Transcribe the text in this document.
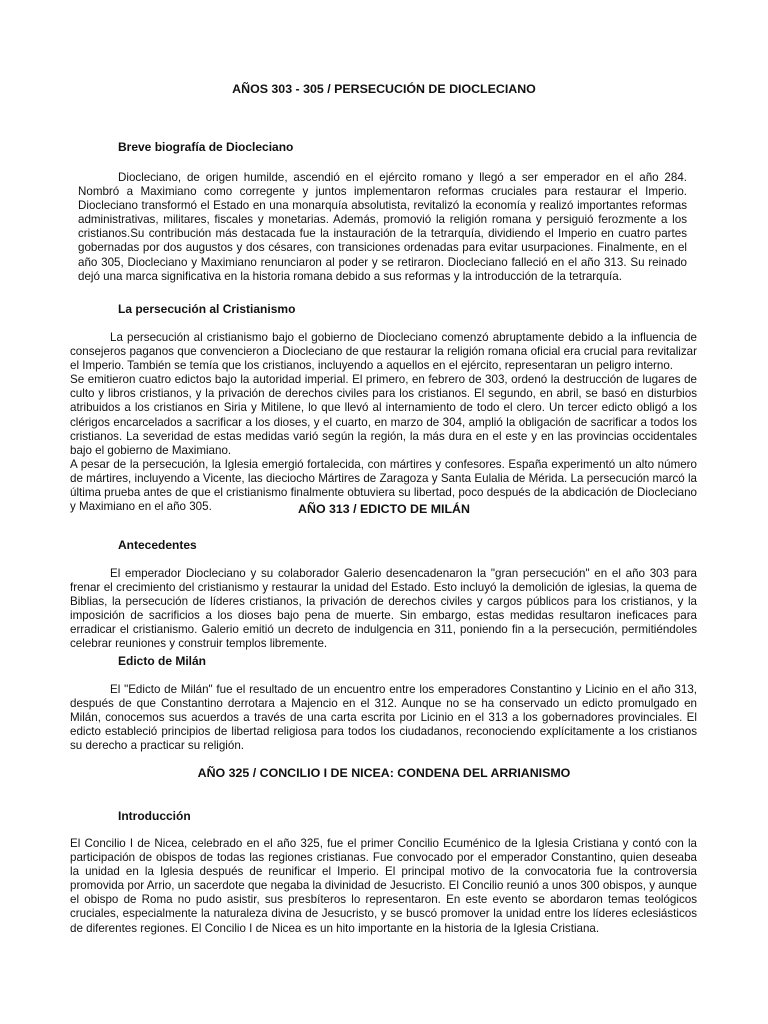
AÑOS 303 - 305 / PERSECUCIÓN DE DIOCLECIANO
Breve biografía de Diocleciano

Diocleciano, de origen humilde, ascendió en el ejército romano y llegó a ser emperador en el año 284. Nombró a Maximiano como corregente y juntos implementaron reformas cruciales para restaurar el Imperio. Diocleciano transformó el Estado en una monarquía absolutista, revitalizó la economía y realizó importantes reformas administrativas, militares, fiscales y monetarias. Además, promovió la religión romana y persiguió ferozmente a los cristianos.Su contribución más destacada fue la instauración de la tetrarquía, dividiendo el Imperio en cuatro partes gobernadas por dos augustos y dos césares, con transiciones ordenadas para evitar usurpaciones. Finalmente, en el año 305, Diocleciano y Maximiano renunciaron al poder y se retiraron. Diocleciano falleció en el año 313. Su reinado dejó una marca significativa en la historia romana debido a sus reformas y la introducción de la tetrarquía.

La persecución al Cristianismo

La persecución al cristianismo bajo el gobierno de Diocleciano comenzó abruptamente debido a la influencia de consejeros paganos que convencieron a Diocleciano de que restaurar la religión romana oficial era crucial para revitalizar el Imperio. También se temía que los cristianos, incluyendo a aquellos en el ejército, representaran un peligro interno.

Se emitieron cuatro edictos bajo la autoridad imperial. El primero, en febrero de 303, ordenó la destrucción de lugares de culto y libros cristianos, y la privación de derechos civiles para los cristianos. El segundo, en abril, se basó en disturbios atribuidos a los cristianos en Siria y Mitilene, lo que llevó al internamiento de todo el clero. Un tercer edicto obligó a los clérigos encarcelados a sacrificar a los dioses, y el cuarto, en marzo de 304, amplió la obligación de sacrificar a todos los cristianos. La severidad de estas medidas varió según la región, la más dura en el este y en las provincias occidentales bajo el gobierno de Maximiano.

A pesar de la persecución, la Iglesia emergió fortalecida, con mártires y confesores. España experimentó un alto número de mártires, incluyendo a Vicente, las dieciocho Mártires de Zaragoza y Santa Eulalia de Mérida. La persecución marcó la última prueba antes de que el cristianismo finalmente obtuviera su libertad, poco después de la abdicación de Diocleciano y Maximiano en el año 305.	AÑO 313 / EDICTO DE MILÁN
Antecedentes

El emperador Diocleciano y su colaborador Galerio desencadenaron la "gran persecución" en el año 303 para frenar el crecimiento del cristianismo y restaurar la unidad del Estado. Esto incluyó la demolición de iglesias, la quema de Biblias, la persecución de líderes cristianos, la privación de derechos civiles y cargos públicos para los cristianos, y la imposición de sacrificios a los dioses bajo pena de muerte. Sin embargo, estas medidas resultaron ineficaces para erradicar el cristianismo. Galerio emitió un decreto de indulgencia en 311, poniendo fin a la persecución, permitiéndoles celebrar reuniones y construir templos libremente.

Edicto de Milán

El "Edicto de Milán" fue el resultado de un encuentro entre los emperadores Constantino y Licinio en el año 313, después de que Constantino derrotara a Majencio en el 312. Aunque no se ha conservado un edicto promulgado en Milán, conocemos sus acuerdos a través de una carta escrita por Licinio en el 313 a los gobernadores provinciales. El edicto estableció principios de libertad religiosa para todos los ciudadanos, reconociendo explícitamente a los cristianos su derecho a practicar su religión.

AÑO 325 / CONCILIO I DE NICEA: CONDENA DEL ARRIANISMO
Introducción

El Concilio I de Nicea, celebrado en el año 325, fue el primer Concilio Ecuménico de la Iglesia Cristiana y contó con la participación de obispos de todas las regiones cristianas. Fue convocado por el emperador Constantino, quien deseaba la unidad en la Iglesia después de reunificar el Imperio. El principal motivo de la convocatoria fue la controversia promovida por Arrio, un sacerdote que negaba la divinidad de Jesucristo. El Concilio reunió a unos 300 obispos, y aunque el obispo de Roma no pudo asistir, sus presbíteros lo representaron. En este evento se abordaron temas teológicos cruciales, especialmente la naturaleza divina de Jesucristo, y se buscó promover la unidad entre los líderes eclesiásticos de diferentes regiones. El Concilio I de Nicea es un hito importante en la historia de la Iglesia Cristiana.
